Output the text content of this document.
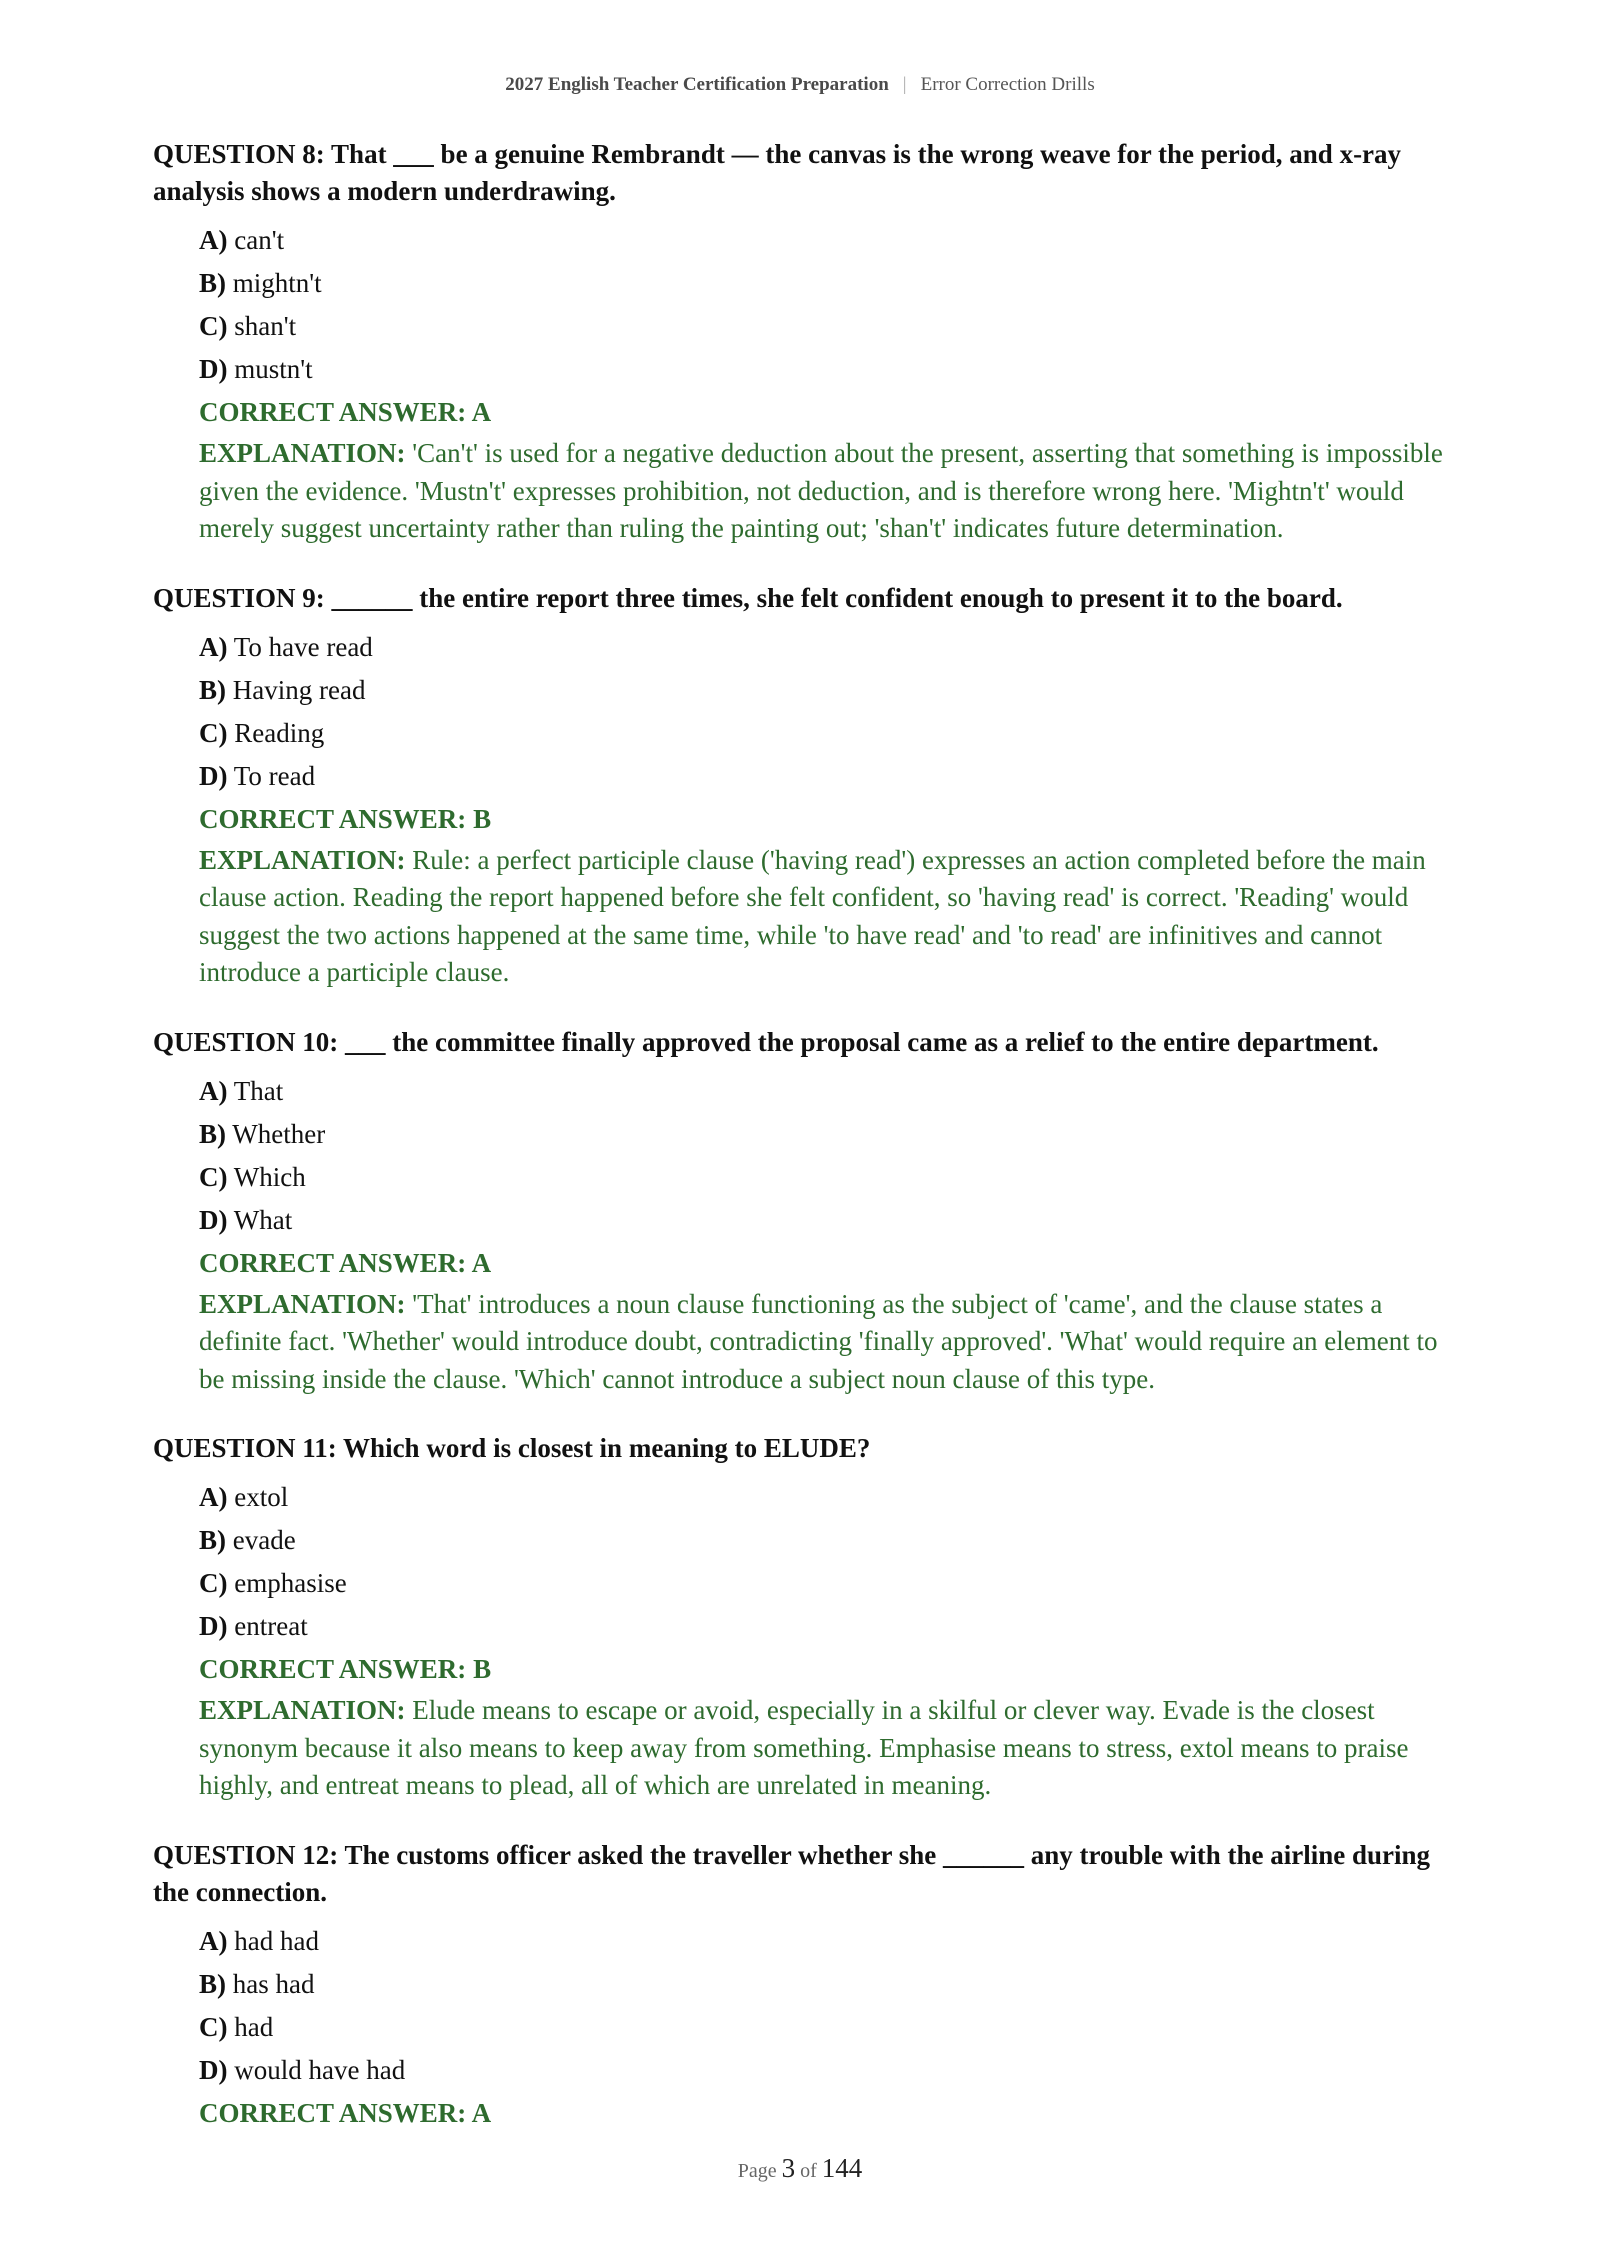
2027 English Teacher Certification Preparation | Error Correction Drills
QUESTION 8: That ___ be a genuine Rembrandt — the canvas is the wrong weave for the period, and x-ray analysis shows a modern underdrawing.
A) can't
B) mightn't
C) shan't
D) mustn't
CORRECT ANSWER: A
EXPLANATION: 'Can't' is used for a negative deduction about the present, asserting that something is impossible given the evidence. 'Mustn't' expresses prohibition, not deduction, and is therefore wrong here. 'Mightn't' would merely suggest uncertainty rather than ruling the painting out; 'shan't' indicates future determination.
QUESTION 9: ______ the entire report three times, she felt confident enough to present it to the board.
A) To have read
B) Having read
C) Reading
D) To read
CORRECT ANSWER: B
EXPLANATION: Rule: a perfect participle clause ('having read') expresses an action completed before the main clause action. Reading the report happened before she felt confident, so 'having read' is correct. 'Reading' would suggest the two actions happened at the same time, while 'to have read' and 'to read' are infinitives and cannot introduce a participle clause.
QUESTION 10: ___ the committee finally approved the proposal came as a relief to the entire department.
A) That
B) Whether
C) Which
D) What
CORRECT ANSWER: A
EXPLANATION: 'That' introduces a noun clause functioning as the subject of 'came', and the clause states a definite fact. 'Whether' would introduce doubt, contradicting 'finally approved'. 'What' would require an element to be missing inside the clause. 'Which' cannot introduce a subject noun clause of this type.
QUESTION 11: Which word is closest in meaning to ELUDE?
A) extol
B) evade
C) emphasise
D) entreat
CORRECT ANSWER: B
EXPLANATION: Elude means to escape or avoid, especially in a skilful or clever way. Evade is the closest synonym because it also means to keep away from something. Emphasise means to stress, extol means to praise highly, and entreat means to plead, all of which are unrelated in meaning.
QUESTION 12: The customs officer asked the traveller whether she ______ any trouble with the airline during the connection.
A) had had
B) has had
C) had
D) would have had
CORRECT ANSWER: A
Page 3 of 144
